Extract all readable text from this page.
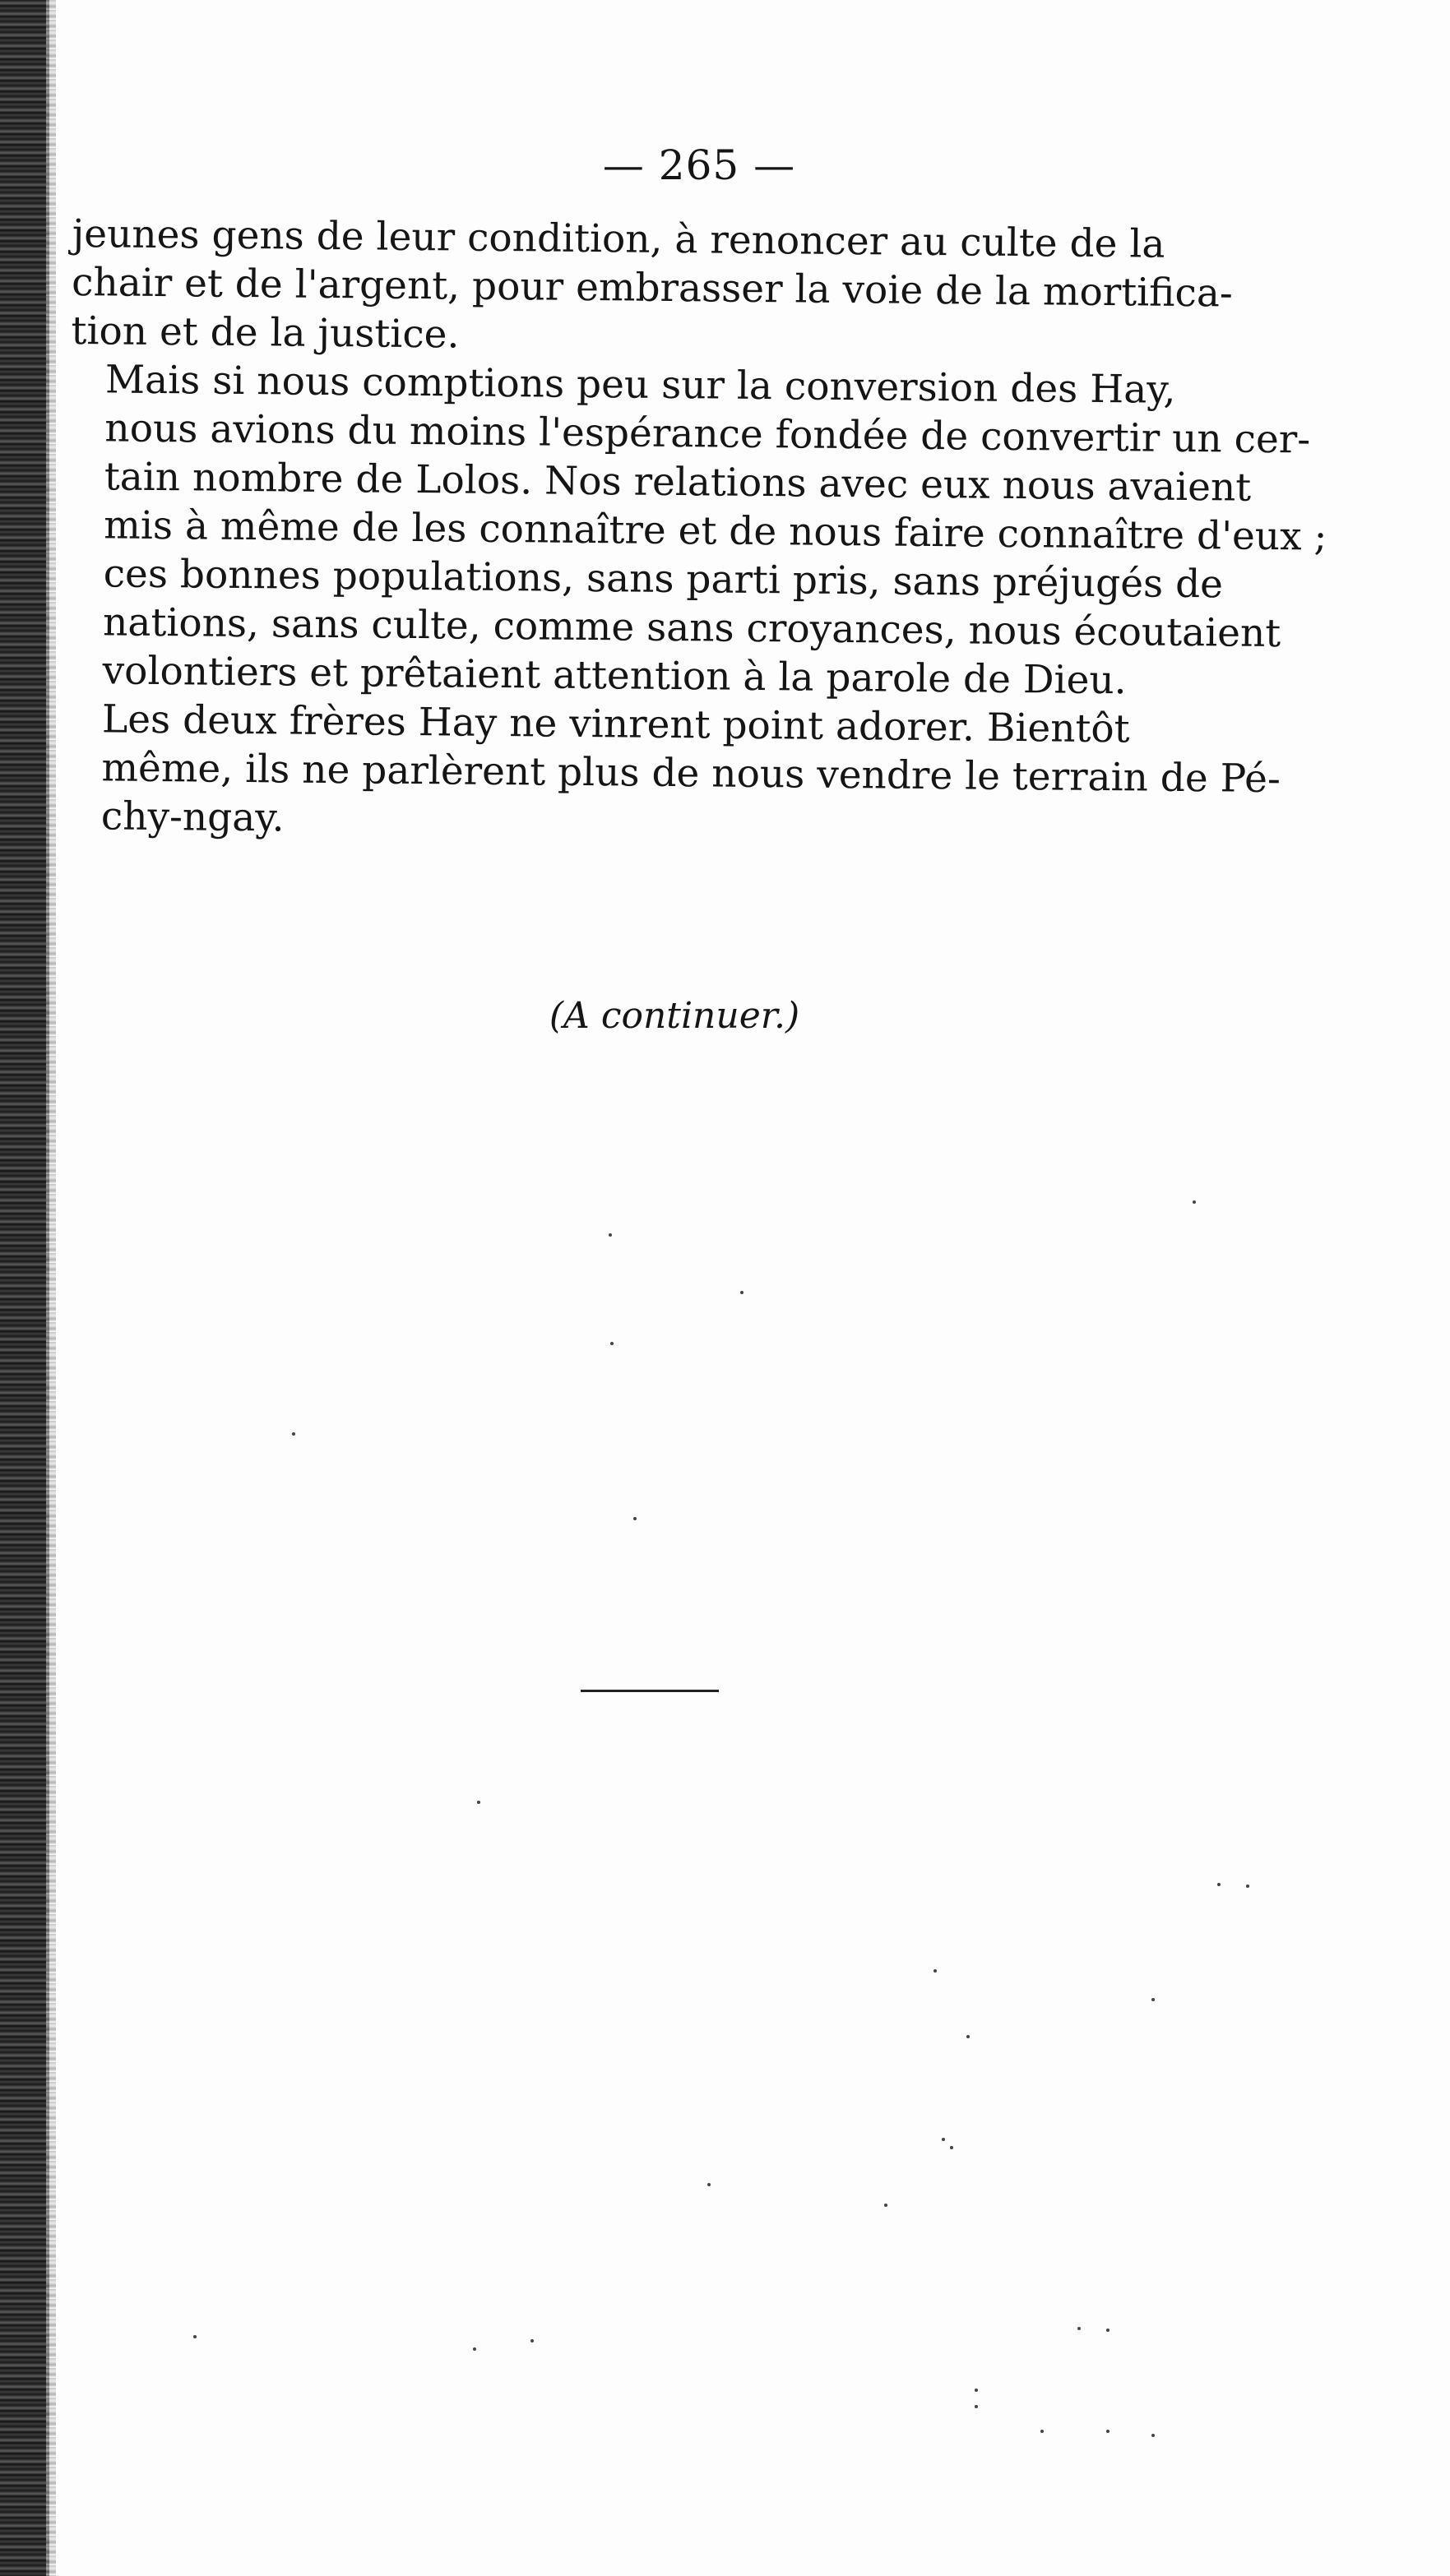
— 265 —

jeunes gens de leur condition, à renoncer au culte de la
chair et de l'argent, pour embrasser la voie de la mortifica-
tion et de la justice.

Mais si nous comptions peu sur la conversion des Hay,
nous avions du moins l'espérance fondée de convertir un cer-
tain nombre de Lolos. Nos relations avec eux nous avaient
mis à même de les connaître et de nous faire connaître d'eux ;
ces bonnes populations, sans parti pris, sans préjugés de
nations, sans culte, comme sans croyances, nous écoutaient
volontiers et prêtaient attention à la parole de Dieu.

Les deux frères Hay ne vinrent point adorer. Bientôt
même, ils ne parlèrent plus de nous vendre le terrain de Pé-
chy-ngay.

(A continuer.)
